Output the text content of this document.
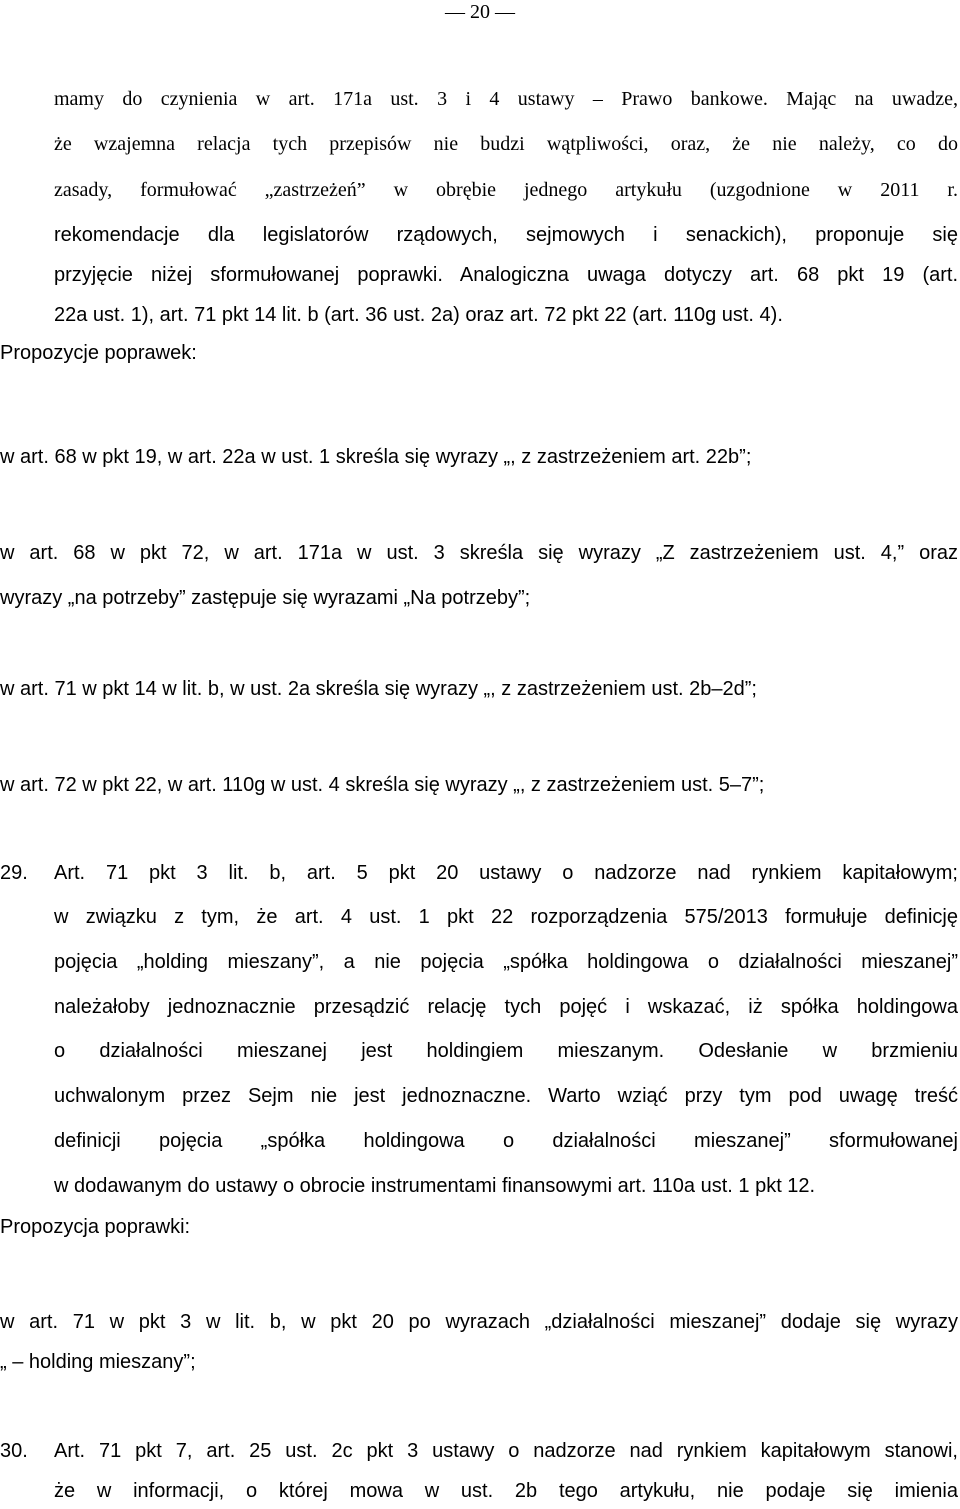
— 20 —
mamy do czynienia w art. 171a ust. 3 i 4 ustawy – Prawo bankowe. Mając na uwadze,
że wzajemna relacja tych przepisów nie budzi wątpliwości, oraz, że nie należy, co do
zasady, formułować „zastrzeżeń” w obrębie jednego artykułu (uzgodnione w 2011 r.
rekomendacje dla legislatorów rządowych, sejmowych i senackich), proponuje się
przyjęcie niżej sformułowanej poprawki. Analogiczna uwaga dotyczy art. 68 pkt 19 (art.
22a ust. 1), art. 71 pkt 14 lit. b (art. 36 ust. 2a) oraz art. 72 pkt 22 (art. 110g ust. 4).
Propozycje poprawek:
w art. 68 w pkt 19, w art. 22a w ust. 1 skreśla się wyrazy „, z zastrzeżeniem art. 22b”;
w art. 68 w pkt 72, w art. 171a w ust. 3 skreśla się wyrazy „Z zastrzeżeniem ust. 4,” oraz
wyrazy „na potrzeby” zastępuje się wyrazami „Na potrzeby”;
w art. 71 w pkt 14 w lit. b, w ust. 2a skreśla się wyrazy „, z zastrzeżeniem ust. 2b–2d”;
w art. 72 w pkt 22, w art. 110g w ust. 4 skreśla się wyrazy „, z zastrzeżeniem ust. 5–7”;
29. Art. 71 pkt 3 lit. b, art. 5 pkt 20 ustawy o nadzorze nad rynkiem kapitałowym;
w związku z tym, że art. 4 ust. 1 pkt 22 rozporządzenia 575/2013 formułuje definicję
pojęcia „holding mieszany”, a nie pojęcia „spółka holdingowa o działalności mieszanej”
należałoby jednoznacznie przesądzić relację tych pojęć i wskazać, iż spółka holdingowa
o działalności mieszanej jest holdingiem mieszanym. Odesłanie w brzmieniu
uchwalonym przez Sejm nie jest jednoznaczne. Warto wziąć przy tym pod uwagę treść
definicji pojęcia „spółka holdingowa o działalności mieszanej” sformułowanej
w dodawanym do ustawy o obrocie instrumentami finansowymi art. 110a ust. 1 pkt 12.
Propozycja poprawki:
w art. 71 w pkt 3 w lit. b, w pkt 20 po wyrazach „działalności mieszanej” dodaje się wyrazy
„ – holding mieszany”;
30. Art. 71 pkt 7, art. 25 ust. 2c pkt 3 ustawy o nadzorze nad rynkiem kapitałowym stanowi,
że w informacji, o której mowa w ust. 2b tego artykułu, nie podaje się imienia
